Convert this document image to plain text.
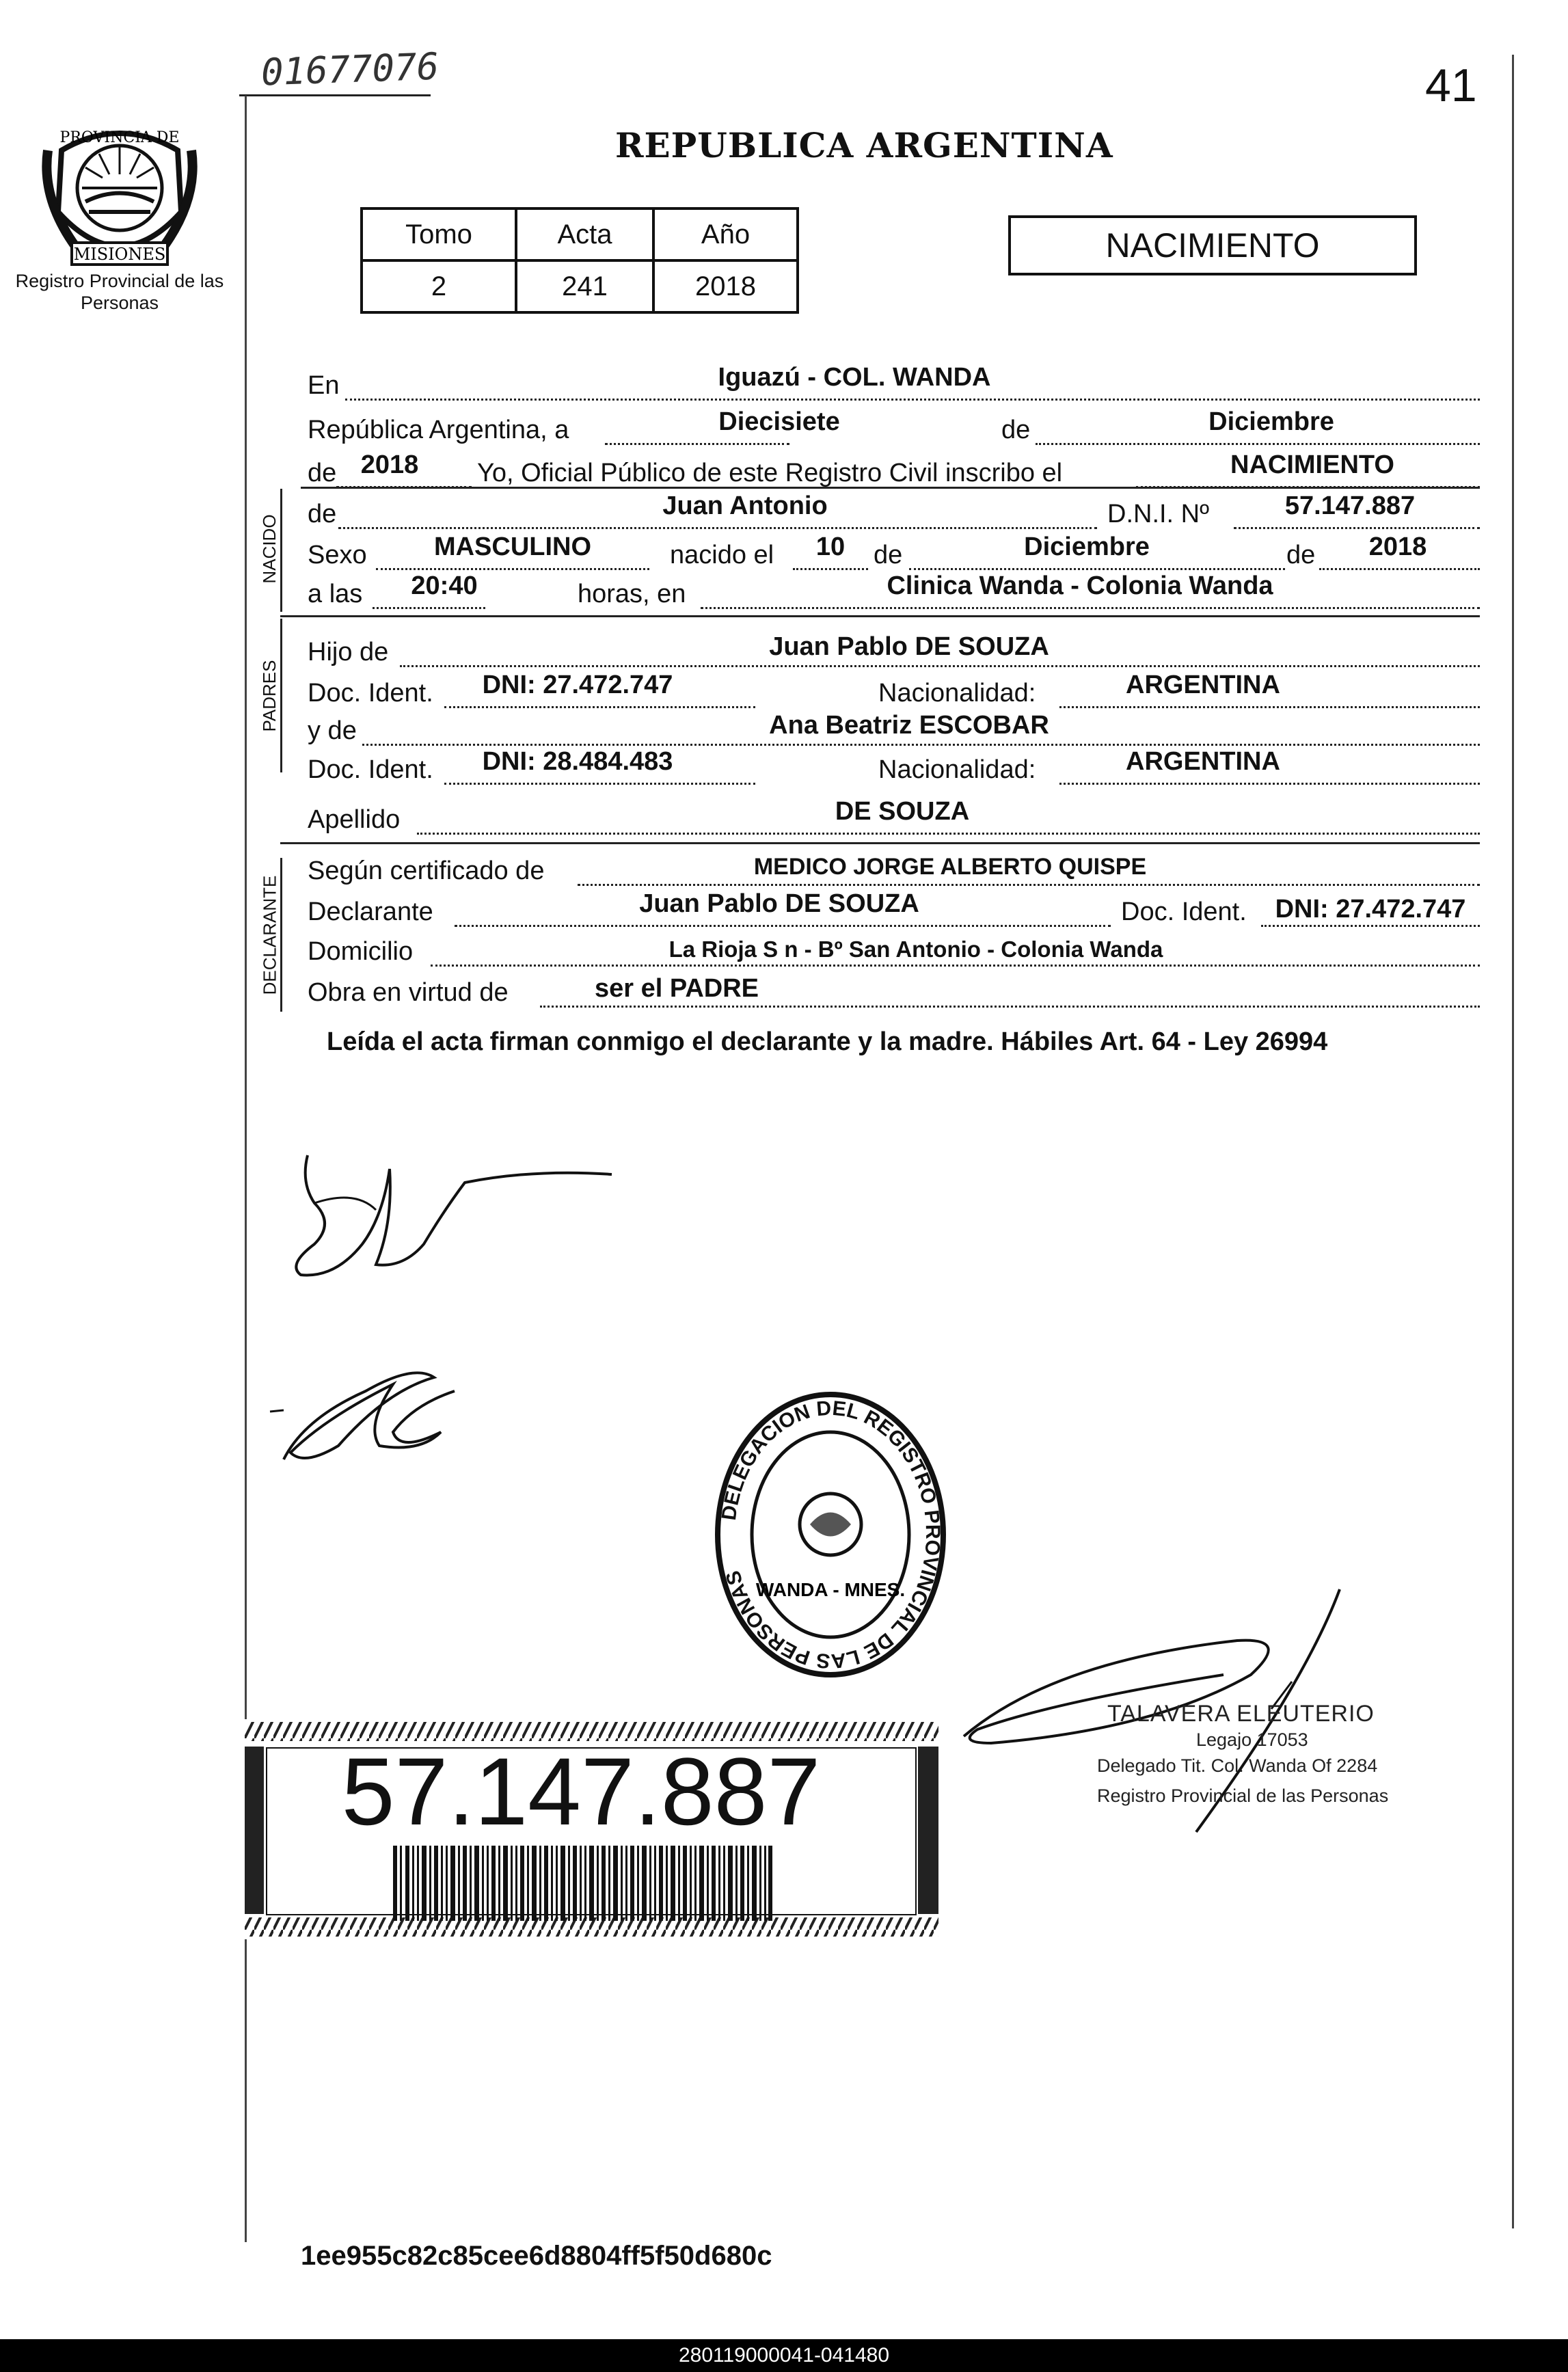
01677076	41
PROVINCIA DE
MISIONES
Registro Provincial de las Personas
REPUBLICA ARGENTINA
Tomo	Acta	Año
2	241	2018
NACIMIENTO
En	Iguazú - COL. WANDA
República Argentina, a	Diecisiete	de	Diciembre
de 2018	Yo, Oficial Público de este Registro Civil inscribo el	NACIMIENTO
NACIDO
de	Juan Antonio	D.N.I. Nº	57.147.887
Sexo	MASCULINO	nacido el	10	de	Diciembre	de	2018
a las	20:40	horas, en	Clinica Wanda - Colonia Wanda
PADRES
Hijo de	Juan Pablo DE SOUZA
Doc. Ident.	DNI: 27.472.747	Nacionalidad:	ARGENTINA
y de	Ana Beatriz ESCOBAR
Doc. Ident.	DNI: 28.484.483	Nacionalidad:	ARGENTINA
Apellido	DE SOUZA
DECLARANTE
Según certificado de	MEDICO JORGE ALBERTO QUISPE
Declarante	Juan Pablo DE SOUZA	Doc. Ident.	DNI: 27.472.747
Domicilio	La Rioja S n - Bº San Antonio - Colonia Wanda
Obra en virtud de	ser el PADRE
Leída el acta firman conmigo el declarante y la madre. Hábiles Art. 64 - Ley 26994
DELEGACION DEL REGISTRO PROVINCIAL DE LAS PERSONAS
WANDA - MNES.
TALAVERA ELEUTERIO
Legajo 17053
Delegado Tit. Col. Wanda Of 2284
Registro Provincial de las Personas
57.147.887
1ee955c82c85cee6d8804ff5f50d680c
280119000041-041480
